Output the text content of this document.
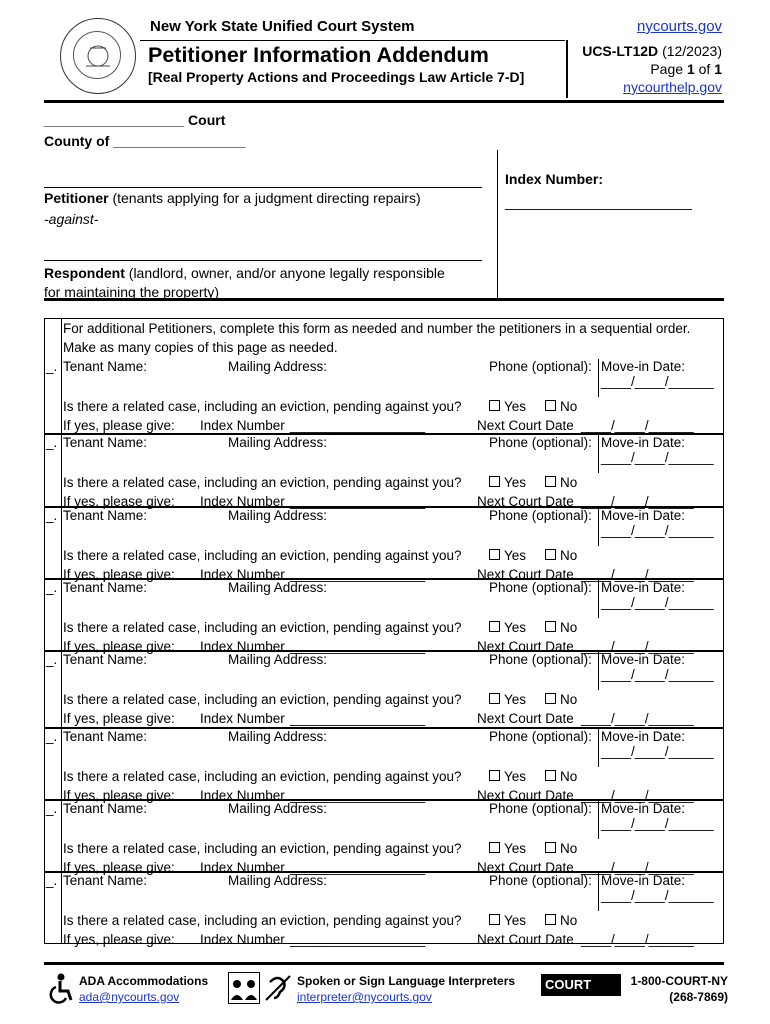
New York State Unified Court System	nycourts.gov
Petitioner Information Addendum
[Real Property Actions and Proceedings Law Article 7-D]
UCS-LT12D (12/2023)
Page 1 of 1
nycourthelp.gov
__________________ Court
County of _________________
Petitioner (tenants applying for a judgment directing repairs)
-against-
Respondent (landlord, owner, and/or anyone legally responsible
for maintaining the property)
Index Number:
________________________
For additional Petitioners, complete this form as needed and number the petitioners in a sequential order.
Make as many copies of this page as needed.
_. Tenant Name:	Mailing Address:	Phone (optional): Move-in Date:
____/____/______
Is there a related case, including an eviction, pending against you?
If yes, please give: Index Number __________________	Next Court Date ____/____/______
Yes	No
_. Tenant Name:	Mailing Address:	Phone (optional): Move-in Date:
____/____/______
Is there a related case, including an eviction, pending against you?
If yes, please give: Index Number __________________	Next Court Date ____/____/______
Yes	No
_. Tenant Name:	Mailing Address:	Phone (optional): Move-in Date:
____/____/______
Is there a related case, including an eviction, pending against you?
If yes, please give: Index Number __________________	Next Court Date ____/____/______
Yes	No
_. Tenant Name:	Mailing Address:	Phone (optional): Move-in Date:
____/____/______
Is there a related case, including an eviction, pending against you?
If yes, please give: Index Number __________________	Next Court Date ____/____/______
Yes	No
_. Tenant Name:	Mailing Address:	Phone (optional): Move-in Date:
____/____/______
Is there a related case, including an eviction, pending against you?
If yes, please give: Index Number __________________	Next Court Date ____/____/______
Yes	No
_. Tenant Name:	Mailing Address:	Phone (optional): Move-in Date:
____/____/______
Is there a related case, including an eviction, pending against you?
If yes, please give: Index Number __________________	Next Court Date ____/____/______
Yes	No
_. Tenant Name:	Mailing Address:	Phone (optional): Move-in Date:
____/____/______
Is there a related case, including an eviction, pending against you?
If yes, please give: Index Number __________________	Next Court Date ____/____/______
Yes	No
_. Tenant Name:	Mailing Address:	Phone (optional): Move-in Date:
____/____/______
Is there a related case, including an eviction, pending against you?
If yes, please give: Index Number __________________	Next Court Date ____/____/______
Yes	No
ADA Accommodations
ada@nycourts.gov
Spoken or Sign Language Interpreters
interpreter@nycourts.gov
COURT Help
1-800-COURT-NY
(268-7869)
